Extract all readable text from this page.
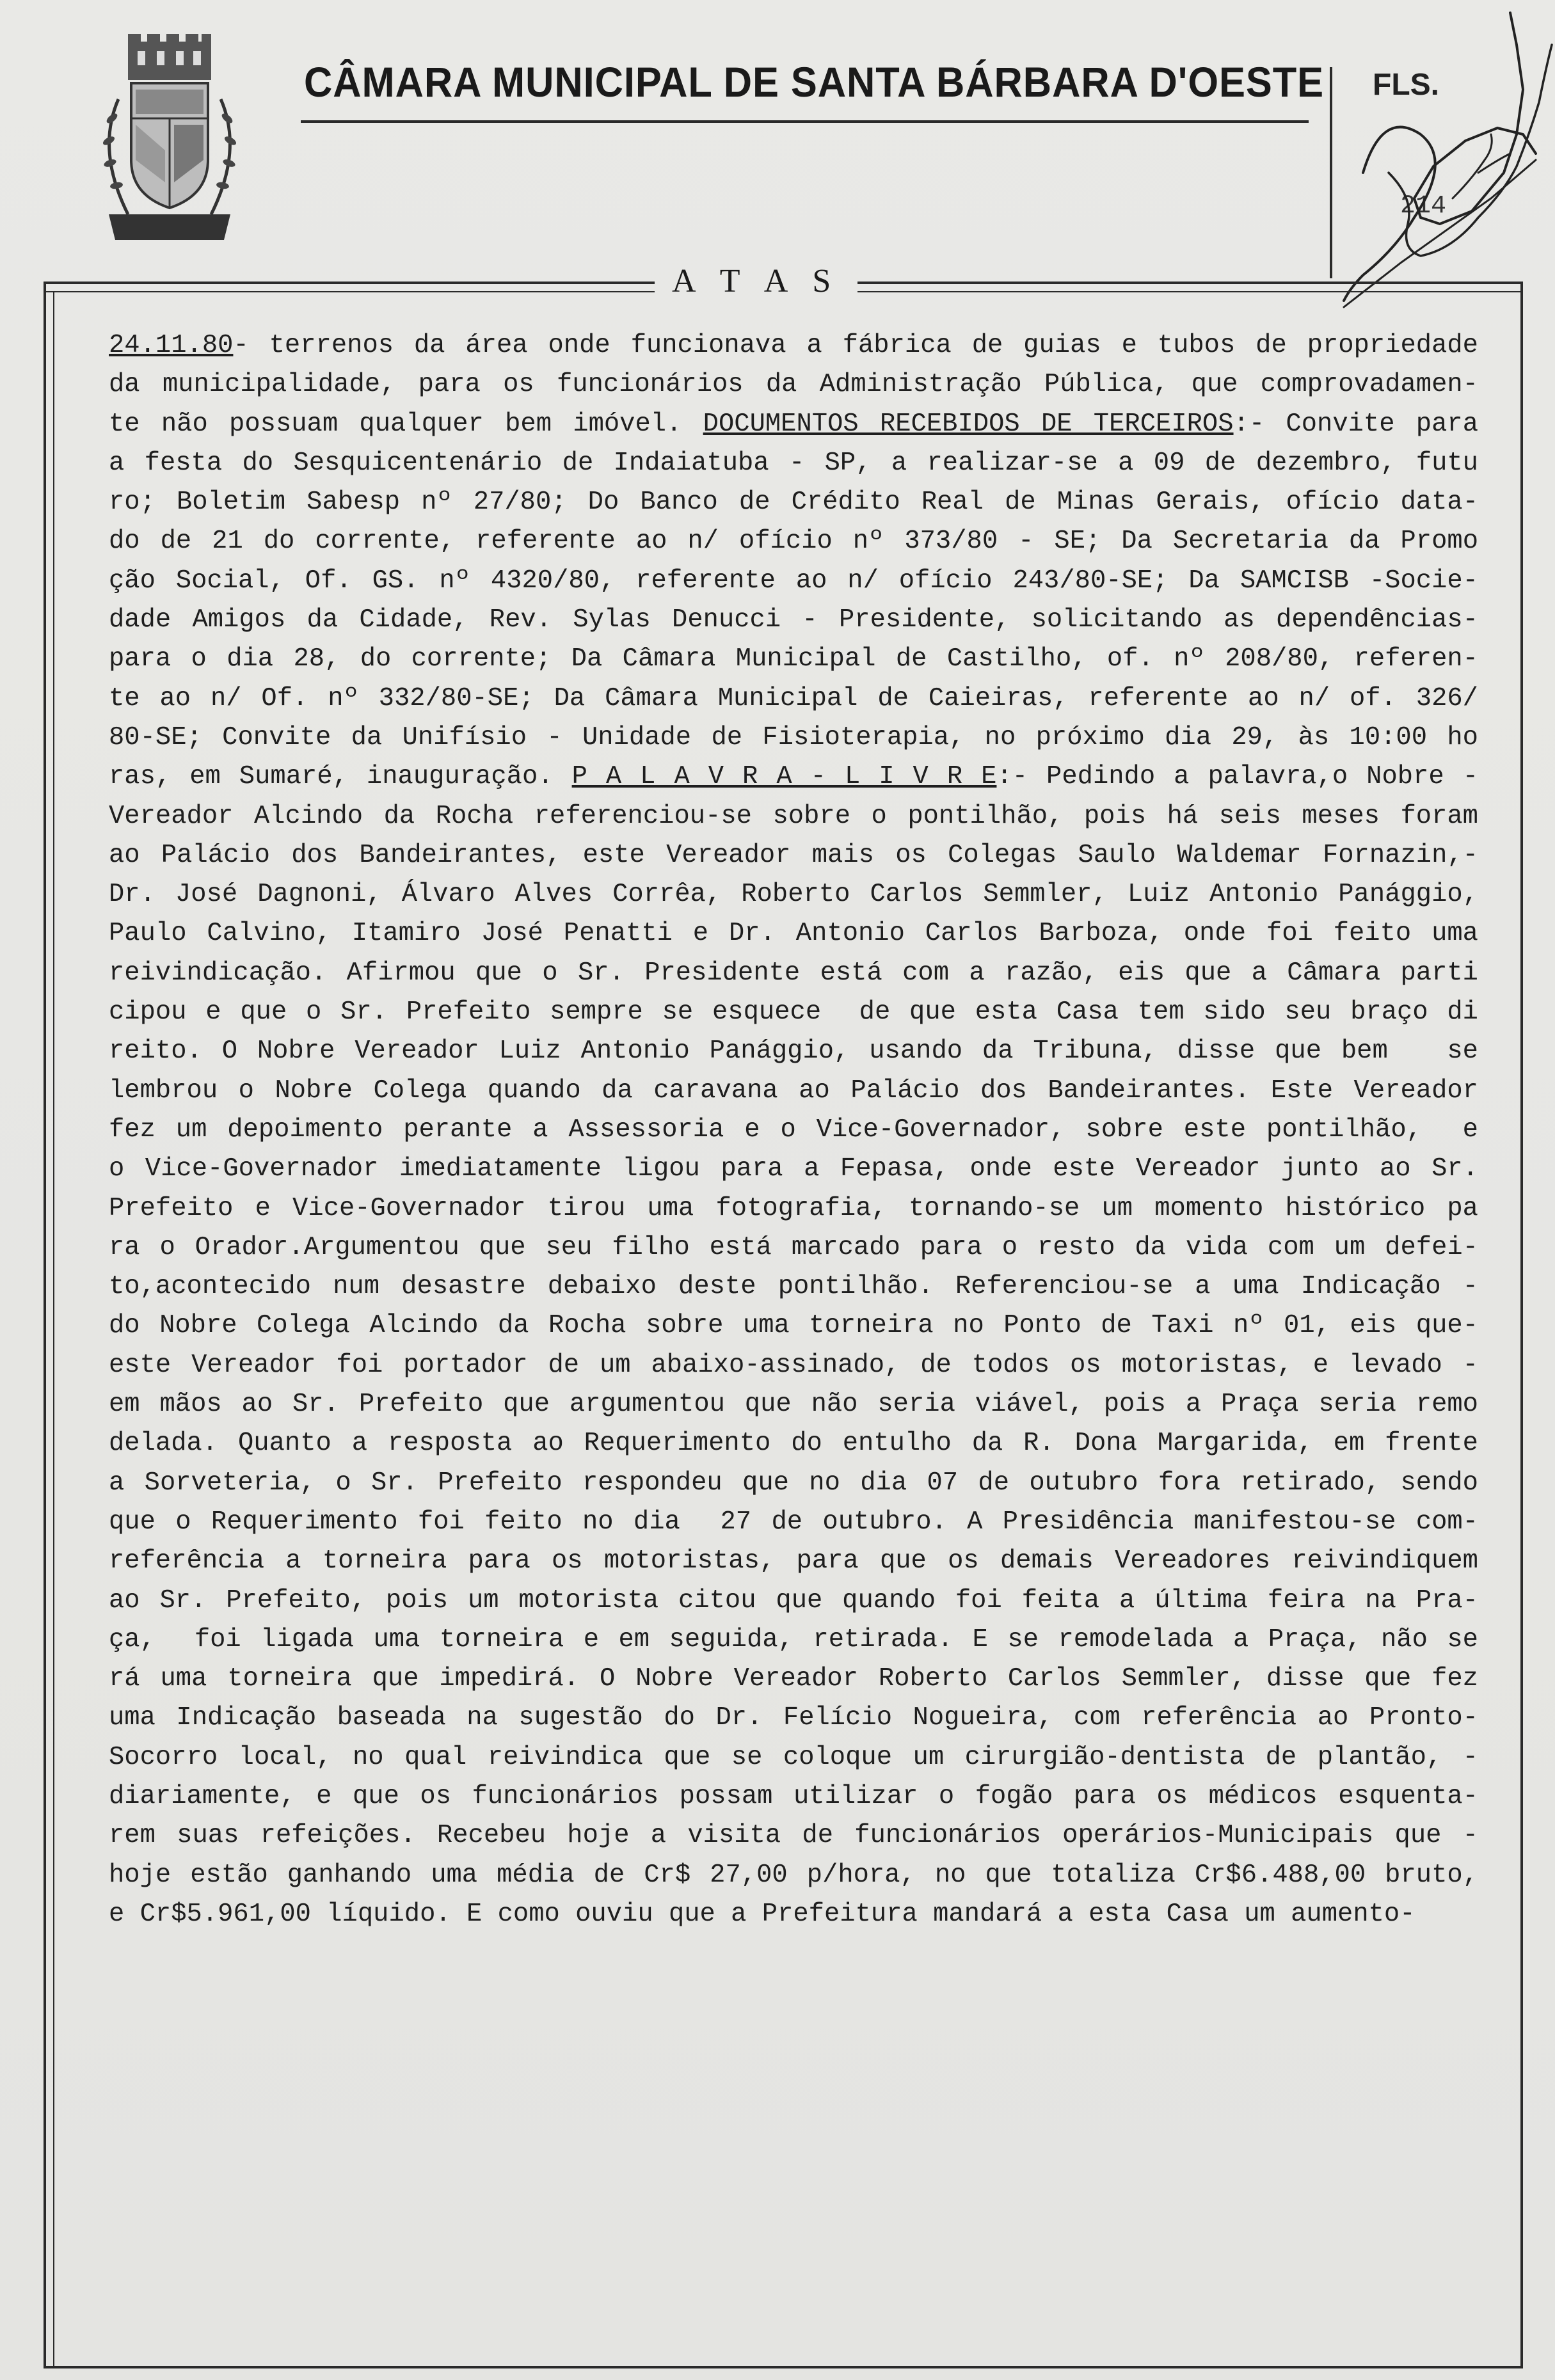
CÂMARA MUNICIPAL DE SANTA BÁRBARA D'OESTE FLS.
214
A T A S
24.11.80- terrenos da área onde funcionava a fábrica de guias e tubos de propriedade
da municipalidade, para os funcionários da Administração Pública, que comprovadamen-
te não possuam qualquer bem imóvel. DOCUMENTOS RECEBIDOS DE TERCEIROS:- Convite para
a festa do Sesquicentenário de Indaiatuba - SP, a realizar-se a 09 de dezembro, futu
ro; Boletim Sabesp nº 27/80; Do Banco de Crédito Real de Minas Gerais, ofício data-
do de 21 do corrente, referente ao n/ ofício nº 373/80 - SE; Da Secretaria da Promo
ção Social, Of. GS. nº 4320/80, referente ao n/ ofício 243/80-SE; Da SAMCISB -Socie-
dade Amigos da Cidade, Rev. Sylas Denucci - Presidente, solicitando as dependências-
para o dia 28, do corrente; Da Câmara Municipal de Castilho, of. nº 208/80, referen-
te ao n/ Of. nº 332/80-SE; Da Câmara Municipal de Caieiras, referente ao n/ of. 326/
80-SE; Convite da Unifísio - Unidade de Fisioterapia, no próximo dia 29, às 10:00 ho
ras, em Sumaré, inauguração. P A L A V R A - L I V R E:- Pedindo a palavra,o Nobre -
Vereador Alcindo da Rocha referenciou-se sobre o pontilhão, pois há seis meses foram
ao Palácio dos Bandeirantes, este Vereador mais os Colegas Saulo Waldemar Fornazin,-
Dr. José Dagnoni, Álvaro Alves Corrêa, Roberto Carlos Semmler, Luiz Antonio Panággio,
Paulo Calvino, Itamiro José Penatti e Dr. Antonio Carlos Barboza, onde foi feito uma
reivindicação. Afirmou que o Sr. Presidente está com a razão, eis que a Câmara parti
cipou e que o Sr. Prefeito sempre se esquece  de que esta Casa tem sido seu braço di
reito. O Nobre Vereador Luiz Antonio Panággio, usando da Tribuna, disse que bem   se
lembrou o Nobre Colega quando da caravana ao Palácio dos Bandeirantes. Este Vereador
fez um depoimento perante a Assessoria e o Vice-Governador, sobre este pontilhão,  e
o Vice-Governador imediatamente ligou para a Fepasa, onde este Vereador junto ao Sr.
Prefeito e Vice-Governador tirou uma fotografia, tornando-se um momento histórico pa
ra o Orador.Argumentou que seu filho está marcado para o resto da vida com um defei-
to,acontecido num desastre debaixo deste pontilhão. Referenciou-se a uma Indicação -
do Nobre Colega Alcindo da Rocha sobre uma torneira no Ponto de Taxi nº 01, eis que-
este Vereador foi portador de um abaixo-assinado, de todos os motoristas, e levado -
em mãos ao Sr. Prefeito que argumentou que não seria viável, pois a Praça seria remo
delada. Quanto a resposta ao Requerimento do entulho da R. Dona Margarida, em frente
a Sorveteria, o Sr. Prefeito respondeu que no dia 07 de outubro fora retirado, sendo
que o Requerimento foi feito no dia  27 de outubro. A Presidência manifestou-se com-
referência a torneira para os motoristas, para que os demais Vereadores reivindiquem
ao Sr. Prefeito, pois um motorista citou que quando foi feita a última feira na Pra-
ça,  foi ligada uma torneira e em seguida, retirada. E se remodelada a Praça, não se
rá uma torneira que impedirá. O Nobre Vereador Roberto Carlos Semmler, disse que fez
uma Indicação baseada na sugestão do Dr. Felício Nogueira, com referência ao Pronto-
Socorro local, no qual reivindica que se coloque um cirurgião-dentista de plantão, -
diariamente, e que os funcionários possam utilizar o fogão para os médicos esquenta-
rem suas refeições. Recebeu hoje a visita de funcionários operários-Municipais que -
hoje estão ganhando uma média de Cr$ 27,00 p/hora, no que totaliza Cr$6.488,00 bruto,
e Cr$5.961,00 líquido. E como ouviu que a Prefeitura mandará a esta Casa um aumento-
